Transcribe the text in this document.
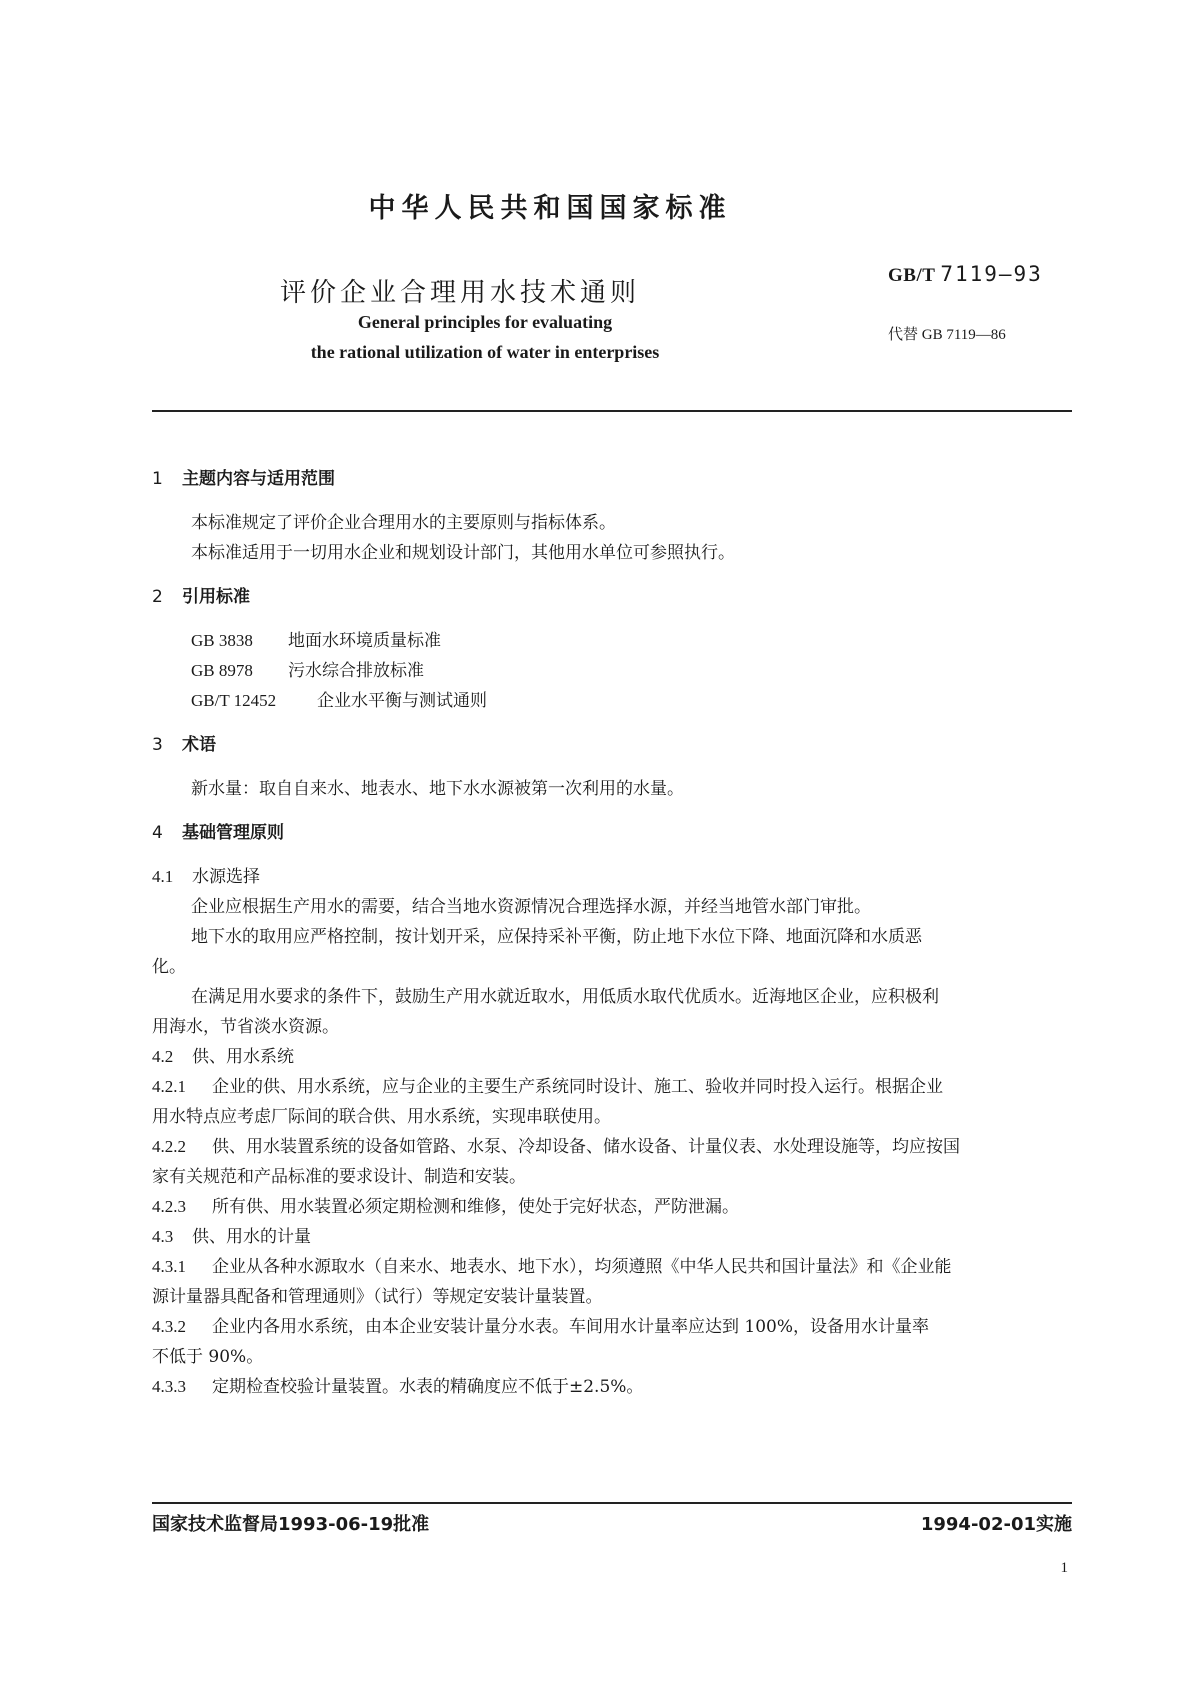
中华人民共和国国家标准
评价企业合理用水技术通则
General principles for evaluating
the rational utilization of water in enterprises
GB/T 7119—93
代替 GB 7119—86
1 主题内容与适用范围
本标准规定了评价企业合理用水的主要原则与指标体系。
本标准适用于一切用水企业和规划设计部门，其他用水单位可参照执行。
2 引用标准
GB 3838 地面水环境质量标准
GB 8978 污水综合排放标准
GB/T 12452 企业水平衡与测试通则
3 术语
新水量：取自自来水、地表水、地下水水源被第一次利用的水量。
4 基础管理原则
4.1 水源选择
企业应根据生产用水的需要，结合当地水资源情况合理选择水源，并经当地管水部门审批。
地下水的取用应严格控制，按计划开采，应保持采补平衡，防止地下水位下降、地面沉降和水质恶
化。
在满足用水要求的条件下，鼓励生产用水就近取水，用低质水取代优质水。近海地区企业，应积极利
用海水，节省淡水资源。
4.2 供、用水系统
4.2.1 企业的供、用水系统，应与企业的主要生产系统同时设计、施工、验收并同时投入运行。根据企业
用水特点应考虑厂际间的联合供、用水系统，实现串联使用。
4.2.2 供、用水装置系统的设备如管路、水泵、冷却设备、储水设备、计量仪表、水处理设施等，均应按国
家有关规范和产品标准的要求设计、制造和安装。
4.2.3 所有供、用水装置必须定期检测和维修，使处于完好状态，严防泄漏。
4.3 供、用水的计量
4.3.1 企业从各种水源取水（自来水、地表水、地下水），均须遵照《中华人民共和国计量法》和《企业能
源计量器具配备和管理通则》（试行）等规定安装计量装置。
4.3.2 企业内各用水系统，由本企业安装计量分水表。车间用水计量率应达到 100%，设备用水计量率
不低于 90%。
4.3.3 定期检查校验计量装置。水表的精确度应不低于±2.5%。
国家技术监督局1993-06-19批准	1994-02-01实施
1
